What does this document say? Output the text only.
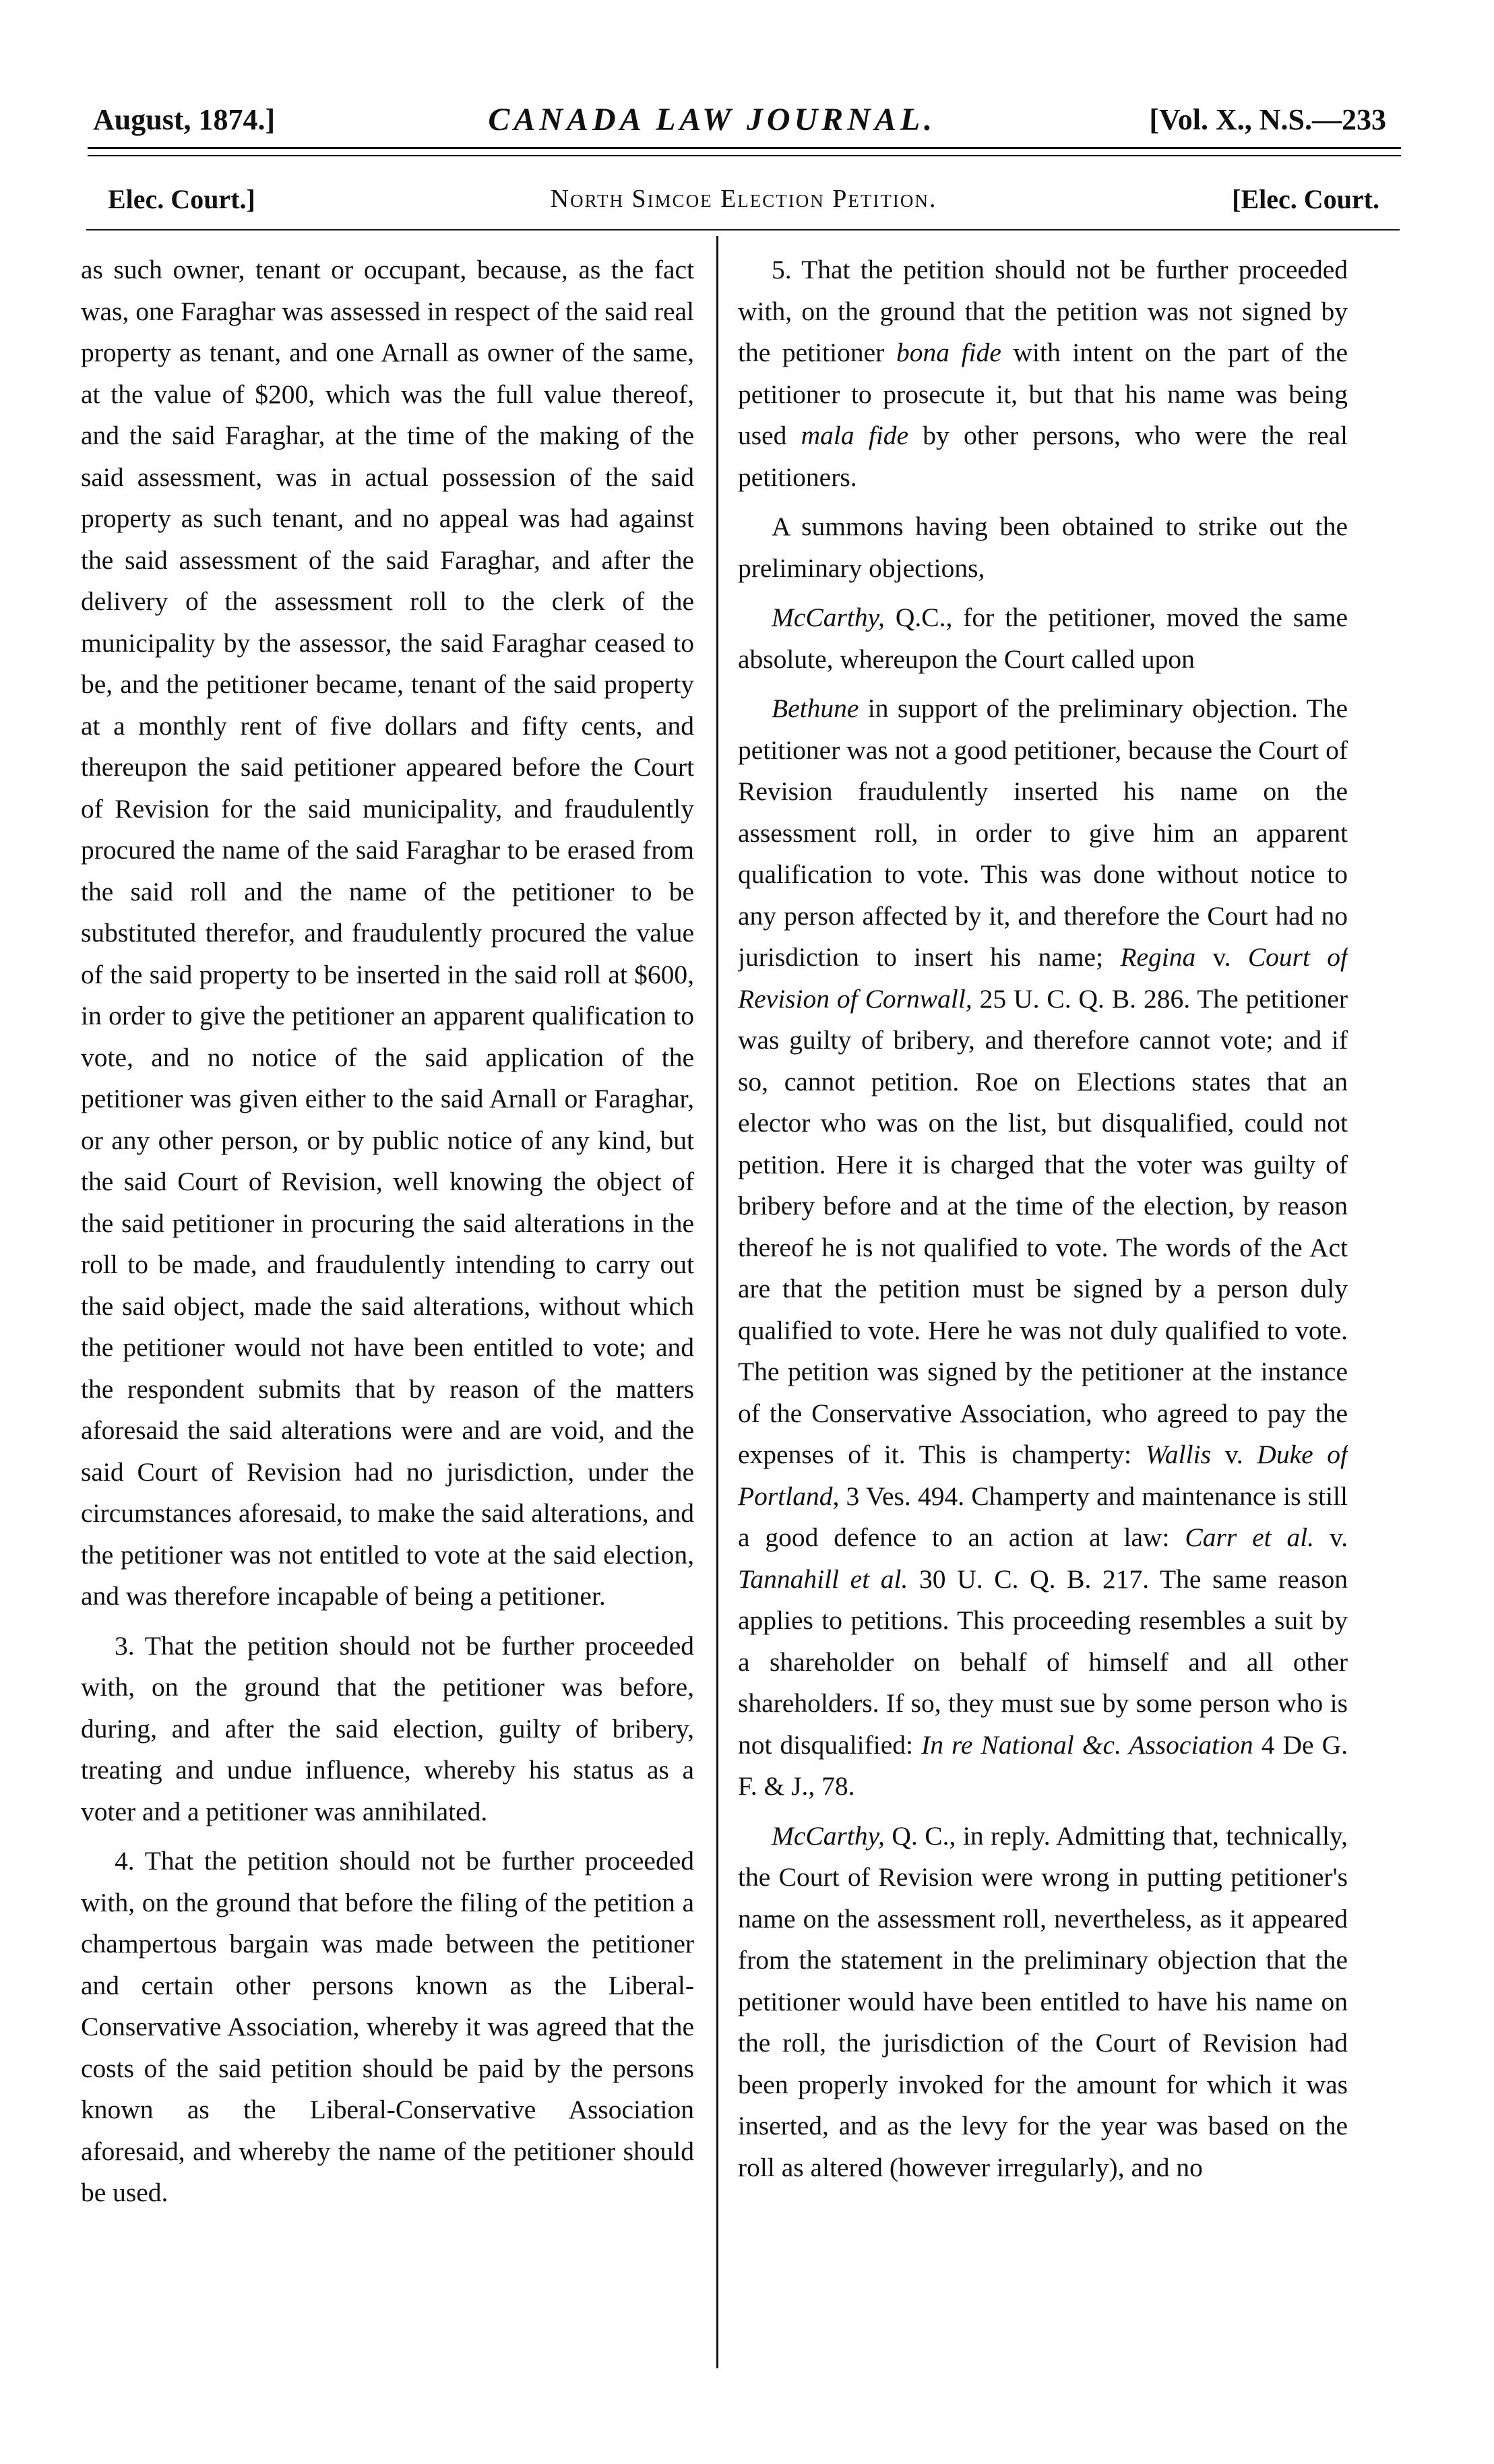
August, 1874.]	CANADA LAW JOURNAL.	[Vol. X., N.S.—233
Elec. Court.]	North Simcoe Election Petition.	[Elec. Court.

as such owner, tenant or occupant, because, as the fact was, one Faraghar was assessed in respect of the said real property as tenant, and one Arnall as owner of the same, at the value of $200, which was the full value thereof, and the said Faraghar, at the time of the making of the said assessment, was in actual possession of the said property as such tenant, and no appeal was had against the said assessment of the said Faraghar, and after the delivery of the assessment roll to the clerk of the municipality by the assessor, the said Faraghar ceased to be, and the petitioner became, tenant of the said property at a monthly rent of five dollars and fifty cents, and thereupon the said petitioner appeared before the Court of Revision for the said municipality, and fraudulently procured the name of the said Faraghar to be erased from the said roll and the name of the petitioner to be substituted therefor, and fraudulently procured the value of the said property to be inserted in the said roll at $600, in order to give the petitioner an apparent qualification to vote, and no notice of the said application of the petitioner was given either to the said Arnall or Faraghar, or any other person, or by public notice of any kind, but the said Court of Revision, well knowing the object of the said petitioner in procuring the said alterations in the roll to be made, and fraudulently intending to carry out the said object, made the said alterations, without which the petitioner would not have been entitled to vote; and the respondent submits that by reason of the matters aforesaid the said alterations were and are void, and the said Court of Revision had no jurisdiction, under the circumstances aforesaid, to make the said alterations, and the petitioner was not entitled to vote at the said election, and was therefore incapable of being a petitioner.

3. That the petition should not be further proceeded with, on the ground that the petitioner was before, during, and after the said election, guilty of bribery, treating and undue influence, whereby his status as a voter and a petitioner was annihilated.

4. That the petition should not be further proceeded with, on the ground that before the filing of the petition a champertous bargain was made between the petitioner and certain other persons known as the Liberal-Conservative Association, whereby it was agreed that the costs of the said petition should be paid by the persons known as the Liberal-Conservative Association aforesaid, and whereby the name of the petitioner should be used.

5. That the petition should not be further proceeded with, on the ground that the petition was not signed by the petitioner bona fide with intent on the part of the petitioner to prosecute it, but that his name was being used mala fide by other persons, who were the real petitioners.

A summons having been obtained to strike out the preliminary objections,

McCarthy, Q.C., for the petitioner, moved the same absolute, whereupon the Court called upon

Bethune in support of the preliminary objection. The petitioner was not a good petitioner, because the Court of Revision fraudulently inserted his name on the assessment roll, in order to give him an apparent qualification to vote. This was done without notice to any person affected by it, and therefore the Court had no jurisdiction to insert his name; Regina v. Court of Revision of Cornwall, 25 U. C. Q. B. 286. The petitioner was guilty of bribery, and therefore cannot vote; and if so, cannot petition. Roe on Elections states that an elector who was on the list, but disqualified, could not petition. Here it is charged that the voter was guilty of bribery before and at the time of the election, by reason thereof he is not qualified to vote. The words of the Act are that the petition must be signed by a person duly qualified to vote. Here he was not duly qualified to vote. The petition was signed by the petitioner at the instance of the Conservative Association, who agreed to pay the expenses of it. This is champerty: Wallis v. Duke of Portland, 3 Ves. 494. Champerty and maintenance is still a good defence to an action at law: Carr et al. v. Tannahill et al. 30 U. C. Q. B. 217. The same reason applies to petitions. This proceeding resembles a suit by a shareholder on behalf of himself and all other shareholders. If so, they must sue by some person who is not disqualified: In re National &c. Association 4 De G. F. & J., 78.

McCarthy, Q. C., in reply. Admitting that, technically, the Court of Revision were wrong in putting petitioner's name on the assessment roll, nevertheless, as it appeared from the statement in the preliminary objection that the petitioner would have been entitled to have his name on the roll, the jurisdiction of the Court of Revision had been properly invoked for the amount for which it was inserted, and as the levy for the year was based on the roll as altered (however irregularly), and no
